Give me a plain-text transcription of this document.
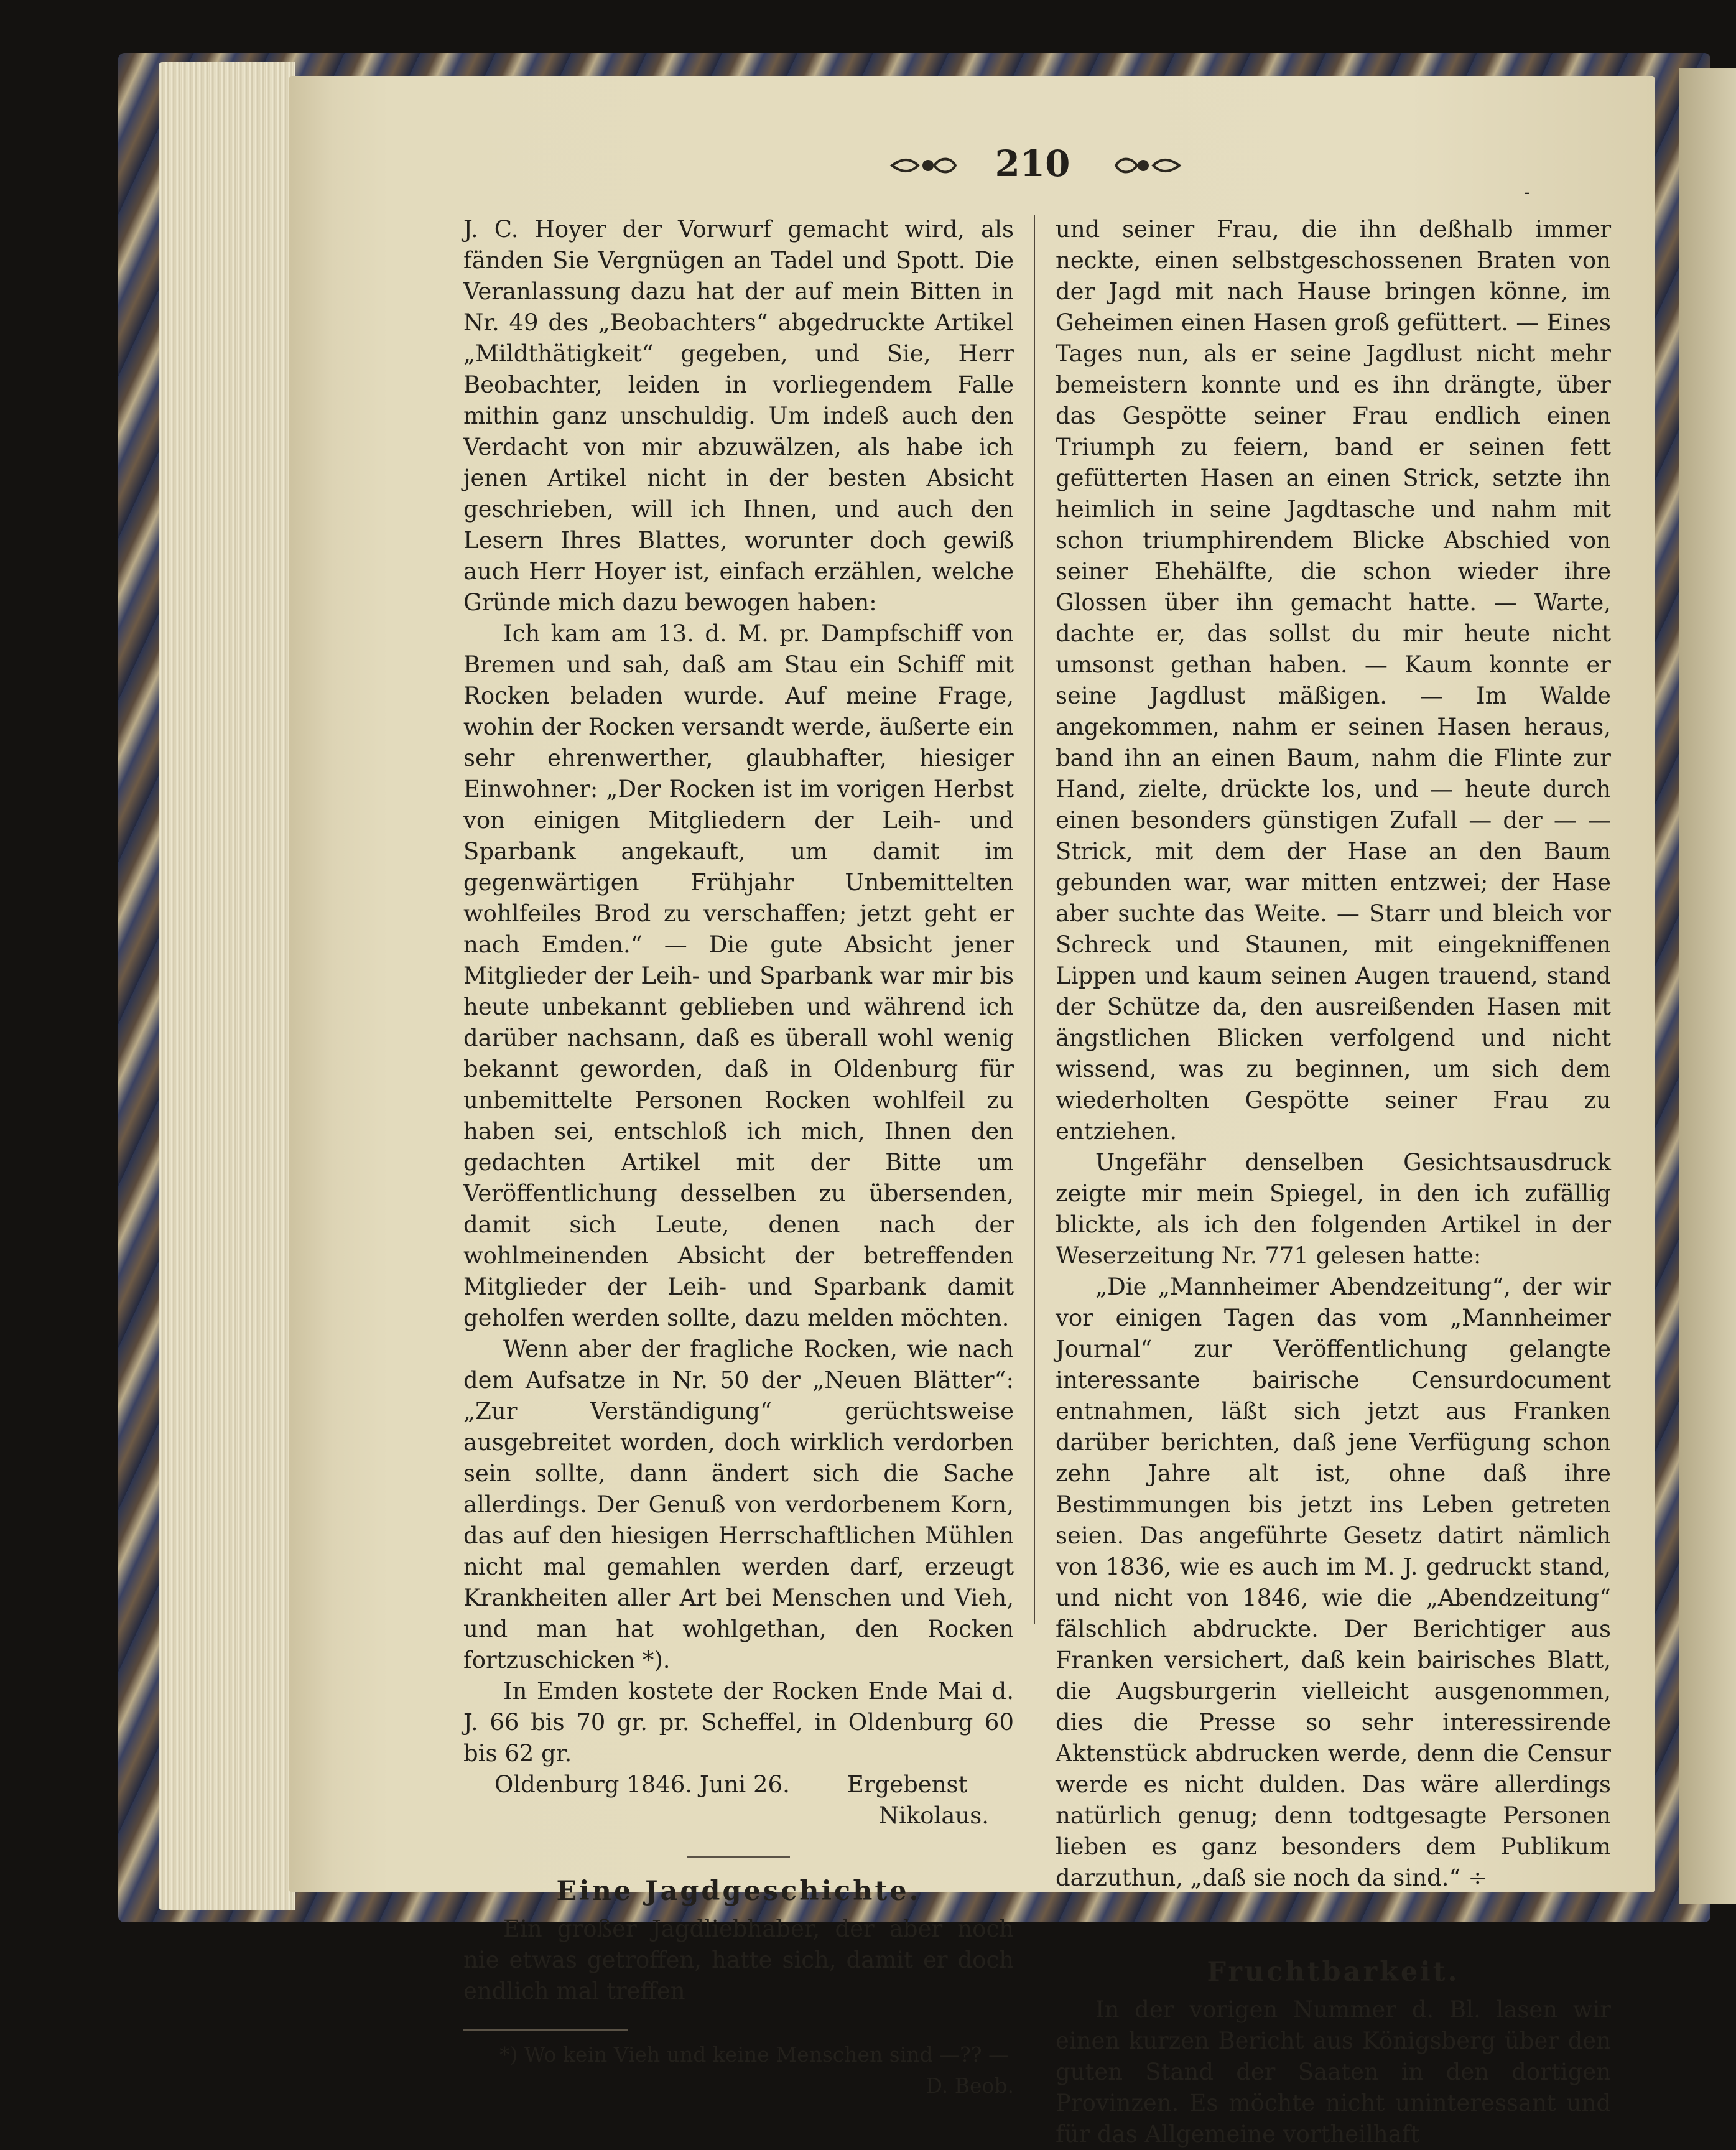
210
-

J. C. Hoyer der Vorwurf gemacht wird, als fänden Sie Vergnügen an Tadel und Spott. Die Veranlassung dazu hat der auf mein Bitten in Nr. 49 des „Beobachters“ abgedruckte Artikel „Mildthätigkeit“ gegeben, und Sie, Herr Beobachter, leiden in vorliegendem Falle mithin ganz unschuldig. Um indeß auch den Verdacht von mir abzuwälzen, als habe ich jenen Artikel nicht in der besten Absicht geschrieben, will ich Ihnen, und auch den Lesern Ihres Blattes, worunter doch gewiß auch Herr Hoyer ist, einfach erzählen, welche Gründe mich dazu bewogen haben:

Ich kam am 13. d. M. pr. Dampfschiff von Bremen und sah, daß am Stau ein Schiff mit Rocken beladen wurde. Auf meine Frage, wohin der Rocken versandt werde, äußerte ein sehr ehrenwerther, glaubhafter, hiesiger Einwohner: „Der Rocken ist im vorigen Herbst von einigen Mitgliedern der Leih- und Sparbank angekauft, um damit im gegenwärtigen Frühjahr Unbemittelten wohlfeiles Brod zu verschaffen; jetzt geht er nach Emden.“ — Die gute Absicht jener Mitglieder der Leih- und Sparbank war mir bis heute unbekannt geblieben und während ich darüber nachsann, daß es überall wohl wenig bekannt geworden, daß in Oldenburg für unbemittelte Personen Rocken wohlfeil zu haben sei, entschloß ich mich, Ihnen den gedachten Artikel mit der Bitte um Veröffentlichung desselben zu übersenden, damit sich Leute, denen nach der wohlmeinenden Absicht der betreffenden Mitglieder der Leih- und Sparbank damit geholfen werden sollte, dazu melden möchten.

Wenn aber der fragliche Rocken, wie nach dem Aufsatze in Nr. 50 der „Neuen Blätter“: „Zur Verständigung“ gerüchtsweise ausgebreitet worden, doch wirklich verdorben sein sollte, dann ändert sich die Sache allerdings. Der Genuß von verdorbenem Korn, das auf den hiesigen Herrschaftlichen Mühlen nicht mal gemahlen werden darf, erzeugt Krankheiten aller Art bei Menschen und Vieh, und man hat wohlgethan, den Rocken fortzuschicken *).

In Emden kostete der Rocken Ende Mai d. J. 66 bis 70 gr. pr. Scheffel, in Oldenburg 60 bis 62 gr.

Oldenburg 1846. Juni 26. Ergebenst

Nikolaus.

Eine Jagdgeschichte.

Ein großer Jagdliebhaber, der aber noch nie etwas getroffen, hatte sich, damit er doch endlich mal treffen

*) Wo kein Vieh und keine Menschen sind —?? —

D. Beob.

und seiner Frau, die ihn deßhalb immer neckte, einen selbstgeschossenen Braten von der Jagd mit nach Hause bringen könne, im Geheimen einen Hasen groß gefüttert. — Eines Tages nun, als er seine Jagdlust nicht mehr bemeistern konnte und es ihn drängte, über das Gespötte seiner Frau endlich einen Triumph zu feiern, band er seinen fett gefütterten Hasen an einen Strick, setzte ihn heimlich in seine Jagdtasche und nahm mit schon triumphirendem Blicke Abschied von seiner Ehehälfte, die schon wieder ihre Glossen über ihn gemacht hatte. — Warte, dachte er, das sollst du mir heute nicht umsonst gethan haben. — Kaum konnte er seine Jagdlust mäßigen. — Im Walde angekommen, nahm er seinen Hasen heraus, band ihn an einen Baum, nahm die Flinte zur Hand, zielte, drückte los, und — heute durch einen besonders günstigen Zufall — der — — Strick, mit dem der Hase an den Baum gebunden war, war mitten entzwei; der Hase aber suchte das Weite. — Starr und bleich vor Schreck und Staunen, mit eingekniffenen Lippen und kaum seinen Augen trauend, stand der Schütze da, den ausreißenden Hasen mit ängstlichen Blicken verfolgend und nicht wissend, was zu beginnen, um sich dem wiederholten Gespötte seiner Frau zu entziehen.

Ungefähr denselben Gesichtsausdruck zeigte mir mein Spiegel, in den ich zufällig blickte, als ich den folgenden Artikel in der Weserzeitung Nr. 771 gelesen hatte:

„Die „Mannheimer Abendzeitung“, der wir vor einigen Tagen das vom „Mannheimer Journal“ zur Veröffentlichung gelangte interessante bairische Censurdocument entnahmen, läßt sich jetzt aus Franken darüber berichten, daß jene Verfügung schon zehn Jahre alt ist, ohne daß ihre Bestimmungen bis jetzt ins Leben getreten seien. Das angeführte Gesetz datirt nämlich von 1836, wie es auch im M. J. gedruckt stand, und nicht von 1846, wie die „Abendzeitung“ fälschlich abdruckte. Der Berichtiger aus Franken versichert, daß kein bairisches Blatt, die Augsburgerin vielleicht ausgenommen, dies die Presse so sehr interessirende Aktenstück abdrucken werde, denn die Censur werde es nicht dulden. Das wäre allerdings natürlich genug; denn todtgesagte Personen lieben es ganz besonders dem Publikum darzuthun, „daß sie noch da sind.“ ÷

Fruchtbarkeit.

In der vorigen Nummer d. Bl. lasen wir einen kurzen Bericht aus Königsberg über den guten Stand der Saaten in den dortigen Provinzen. Es möchte nicht uninteressant und für das Allgemeine vortheilhaft
